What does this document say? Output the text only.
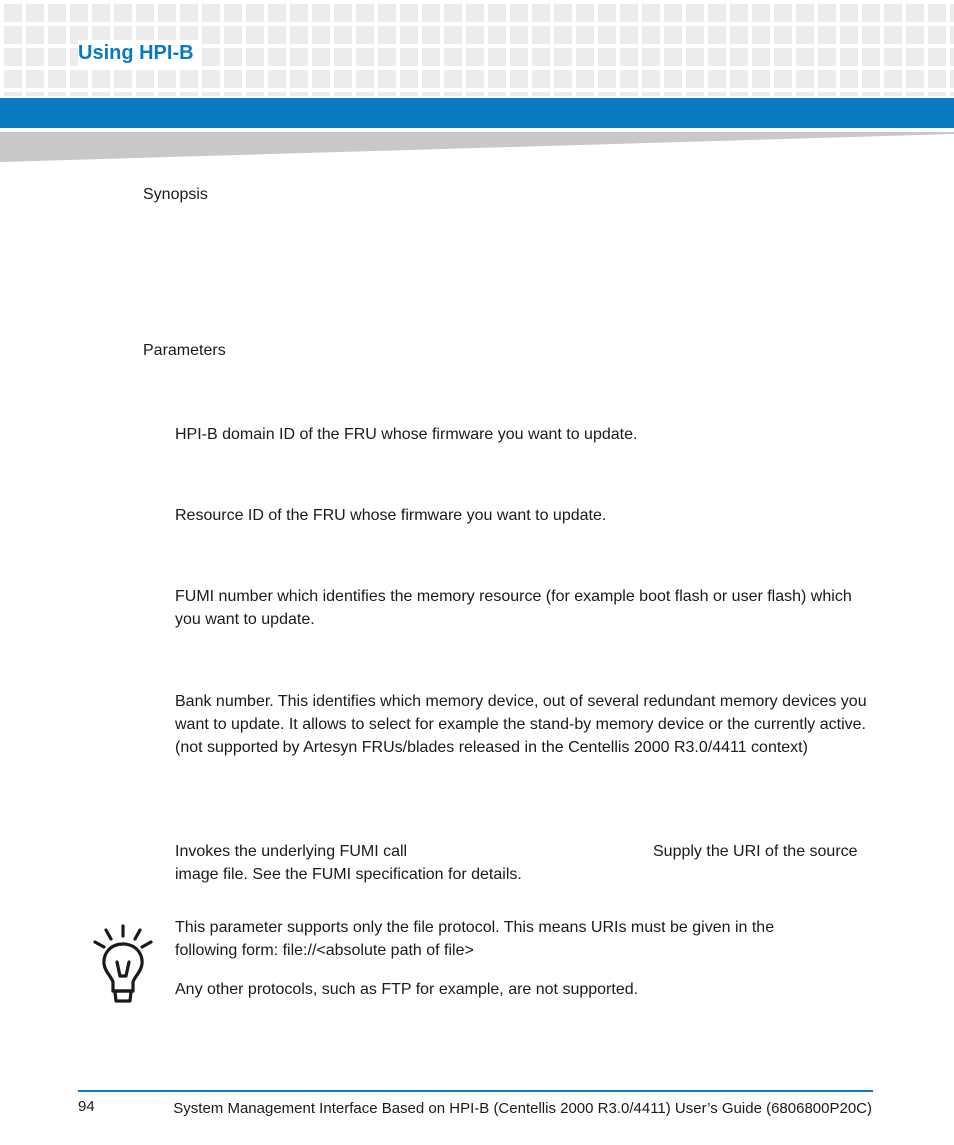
Using HPI-B
Synopsis
Parameters
HPI-B domain ID of the FRU whose firmware you want to update.
Resource ID of the FRU whose firmware you want to update.
FUMI number which identifies the memory resource (for example boot flash or user flash) which you want to update.
Bank number. This identifies which memory device, out of several redundant memory devices you want to update. It allows to select for example the stand-by memory device or the currently active. (not supported by Artesyn FRUs/blades released in the Centellis 2000 R3.0/4411 context)
Invokes the underlying FUMI call	Supply the URI of the source
image file. See the FUMI specification for details.
This parameter supports only the file protocol. This means URIs must be given in the following form: file://<absolute path of file>
Any other protocols, such as FTP for example, are not supported.
94	System Management Interface Based on HPI-B (Centellis 2000 R3.0/4411) User’s Guide (6806800P20C)
